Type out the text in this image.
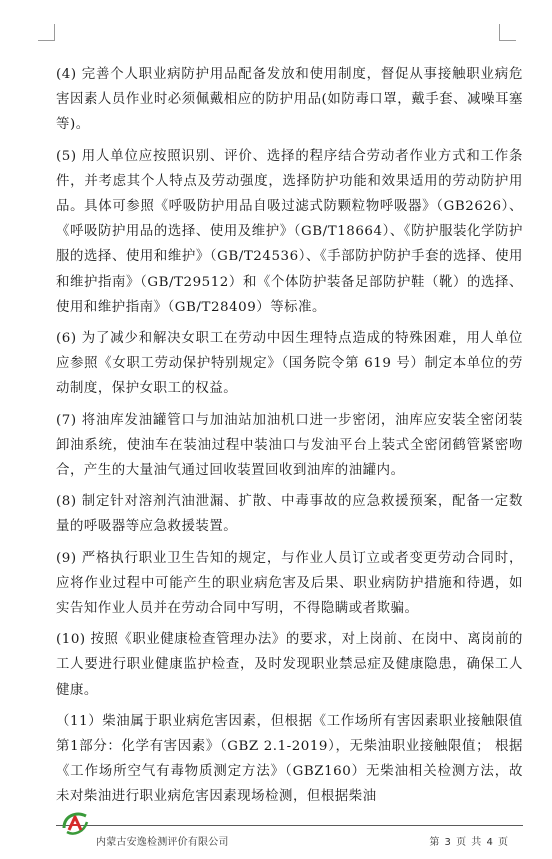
(4) 完善个人职业病防护用品配备发放和使用制度，督促从事接触职业病危害因素人员作业时必须佩戴相应的防护用品(如防毒口罩，戴手套、减噪耳塞等)。

(5) 用人单位应按照识别、评价、选择的程序结合劳动者作业方式和工作条件，并考虑其个人特点及劳动强度，选择防护功能和效果适用的劳动防护用品。具体可参照《呼吸防护用品自吸过滤式防颗粒物呼吸器》（GB2626）、《呼吸防护用品的选择、使用及维护》（GB/T18664）、《防护服装化学防护服的选择、使用和维护》（GB/T24536）、《手部防护防护手套的选择、使用和维护指南》（GB/T29512）和《个体防护装备足部防护鞋（靴）的选择、使用和维护指南》（GB/T28409）等标准。

(6) 为了减少和解决女职工在劳动中因生理特点造成的特殊困难，用人单位应参照《女职工劳动保护特别规定》（国务院令第 619 号）制定本单位的劳动制度，保护女职工的权益。

(7) 将油库发油罐管口与加油站加油机口进一步密闭，油库应安装全密闭装卸油系统，使油车在装油过程中装油口与发油平台上装式全密闭鹤管紧密吻合，产生的大量油气通过回收装置回收到油库的油罐内。

(8) 制定针对溶剂汽油泄漏、扩散、中毒事故的应急救援预案，配备一定数量的呼吸器等应急救援装置。

(9) 严格执行职业卫生告知的规定，与作业人员订立或者变更劳动合同时，应将作业过程中可能产生的职业病危害及后果、职业病防护措施和待遇，如实告知作业人员并在劳动合同中写明，不得隐瞒或者欺骗。

(10) 按照《职业健康检查管理办法》的要求，对上岗前、在岗中、离岗前的工人要进行职业健康监护检查，及时发现职业禁忌症及健康隐患，确保工人健康。

（11）柴油属于职业病危害因素，但根据《工作场所有害因素职业接触限值第1部分：化学有害因素》（GBZ 2.1-2019），无柴油职业接触限值； 根据《工作场所空气有毒物质测定方法》（GBZ160）无柴油相关检测方法，故未对柴油进行职业病危害因素现场检测，但根据柴油

内蒙古安逸检测评价有限公司	第 3 页 共 4 页
